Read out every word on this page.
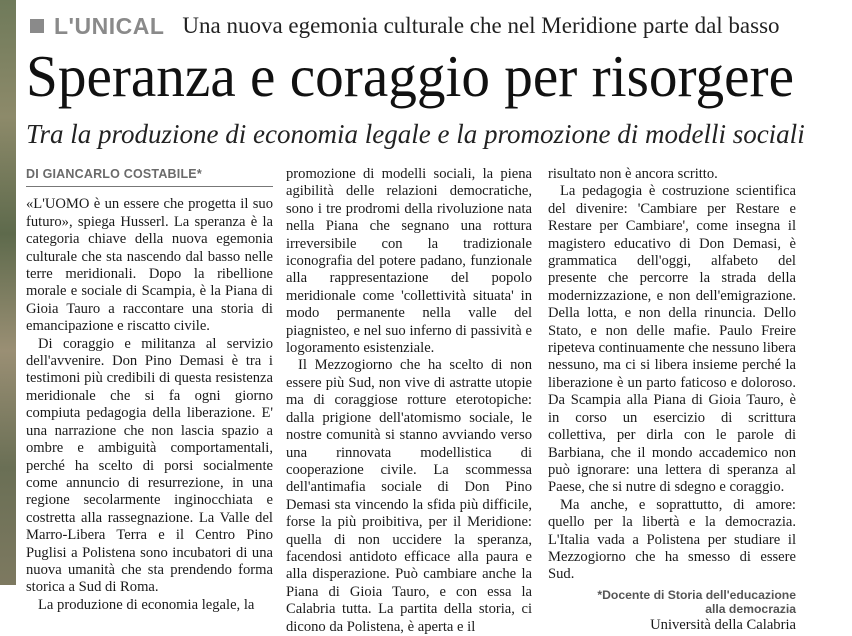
L'UNICAL Una nuova egemonia culturale che nel Meridione parte dal basso
Speranza e coraggio per risorgere
Tra la produzione di economia legale e la promozione di modelli sociali
DI GIANCARLO COSTABILE*

«L'UOMO è un essere che progetta il suo futuro», spiega Husserl. La speranza è la categoria chiave della nuova egemonia culturale che sta nascendo dal basso nelle terre meridionali. Dopo la ribellione morale e sociale di Scampia, è la Piana di Gioia Tauro a raccontare una storia di emancipazione e riscatto civile.

Di coraggio e militanza al servizio dell'avvenire. Don Pino Demasi è tra i testimoni più credibili di questa resistenza meridionale che si fa ogni giorno compiuta pedagogia della liberazione. E' una narrazione che non lascia spazio a ombre e ambiguità comportamentali, perché ha scelto di porsi socialmente come annuncio di resurrezione, in una regione secolarmente inginocchiata e costretta alla rassegnazione. La Valle del Marro-Libera Terra e il Centro Pino Puglisi a Polistena sono incubatori di una nuova umanità che sta prendendo forma storica a Sud di Roma.

La produzione di economia legale, la

promozione di modelli sociali, la piena agibilità delle relazioni democratiche, sono i tre prodromi della rivoluzione nata nella Piana che segnano una rottura irreversibile con la tradizionale iconografia del potere padano, funzionale alla rappresentazione del popolo meridionale come 'collettività situata' in modo permanente nella valle del piagnisteo, e nel suo inferno di passività e logoramento esistenziale.

Il Mezzogiorno che ha scelto di non essere più Sud, non vive di astratte utopie ma di coraggiose rotture eterotopiche: dalla prigione dell'atomismo sociale, le nostre comunità si stanno avviando verso una rinnovata modellistica di cooperazione civile. La scommessa dell'antimafia sociale di Don Pino Demasi sta vincendo la sfida più difficile, forse la più proibitiva, per il Meridione: quella di non uccidere la speranza, facendosi antidoto efficace alla paura e alla disperazione. Può cambiare anche la Piana di Gioia Tauro, e con essa la Calabria tutta. La partita della storia, ci dicono da Polistena, è aperta e il

risultato non è ancora scritto.

La pedagogia è costruzione scientifica del divenire: 'Cambiare per Restare e Restare per Cambiare', come insegna il magistero educativo di Don Demasi, è grammatica dell'oggi, alfabeto del presente che percorre la strada della modernizzazione, e non dell'emigrazione. Della lotta, e non della rinuncia. Dello Stato, e non delle mafie. Paulo Freire ripeteva continuamente che nessuno libera nessuno, ma ci si libera insieme perché la liberazione è un parto faticoso e doloroso. Da Scampia alla Piana di Gioia Tauro, è in corso un esercizio di scrittura collettiva, per dirla con le parole di Barbiana, che il mondo accademico non può ignorare: una lettera di speranza al Paese, che si nutre di sdegno e coraggio.

Ma anche, e soprattutto, di amore: quello per la libertà e la democrazia. L'Italia vada a Polistena per studiare il Mezzogiorno che ha smesso di essere Sud.

*Docente di Storia dell'educazione
alla democrazia
Università della Calabria
